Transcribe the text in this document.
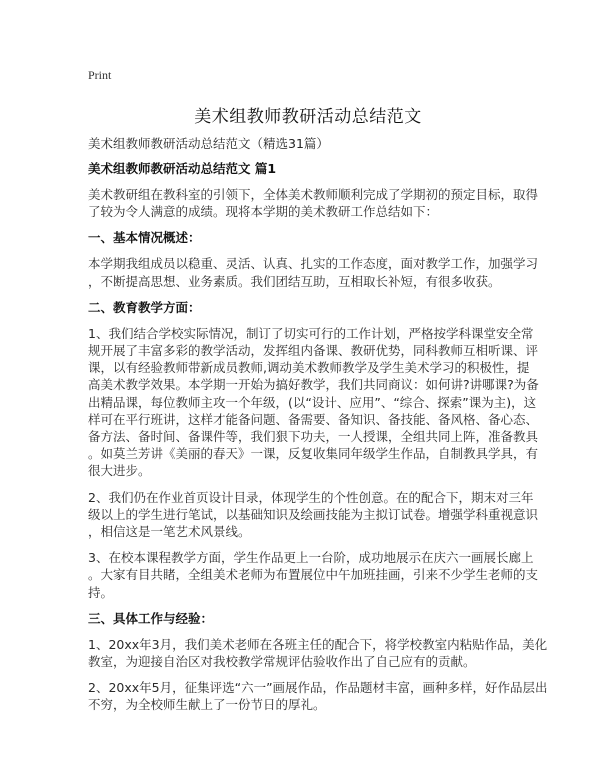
Print
美术组教师教研活动总结范文
美术组教师教研活动总结范文（精选31篇）
美术组教师教研活动总结范文 篇1
美术教研组在教科室的引领下，全体美术教师顺利完成了学期初的预定目标，取得
了较为令人满意的成绩。现将本学期的美术教研工作总结如下：
一、基本情况概述：
本学期我组成员以稳重、灵活、认真、扎实的工作态度，面对教学工作，加强学习
，不断提高思想、业务素质。我们团结互助，互相取长补短，有很多收获。
二、教育教学方面：
1、我们结合学校实际情况，制订了切实可行的工作计划，严格按学科课堂安全常
规开展了丰富多彩的教学活动，发挥组内备课、教研优势，同科教师互相听课、评
课，以有经验教师带新成员教师,调动美术教师教学及学生美术学习的积极性，提
高美术教学效果。本学期一开始为搞好教学，我们共同商议：如何讲?讲哪课?为备
出精品课，每位教师主攻一个年级，(以“设计、应用”、“综合、探索”课为主)，这
样可在平行班讲，这样才能备问题、备需要、备知识、备技能、备风格、备心态、
备方法、备时间、备课件等，我们狠下功夫，一人授课，全组共同上阵，准备教具
。如莫兰芳讲《美丽的春天》一课，反复收集同年级学生作品，自制教具学具，有
很大进步。
2、我们仍在作业首页设计目录，体现学生的个性创意。在的配合下，期末对三年
级以上的学生进行笔试，以基础知识及绘画技能为主拟订试卷。增强学科重视意识
，相信这是一笔艺术风景线。
3、在校本课程教学方面，学生作品更上一台阶，成功地展示在庆六一画展长廊上
。大家有目共睹，全组美术老师为布置展位中午加班挂画，引来不少学生老师的支
持。
三、具体工作与经验：
1、20xx年3月，我们美术老师在各班主任的配合下，将学校教室内粘贴作品，美化
教室，为迎接自治区对我校教学常规评估验收作出了自己应有的贡献。
2、20xx年5月，征集评选“六一”画展作品，作品题材丰富，画种多样，好作品层出
不穷，为全校师生献上了一份节日的厚礼。
